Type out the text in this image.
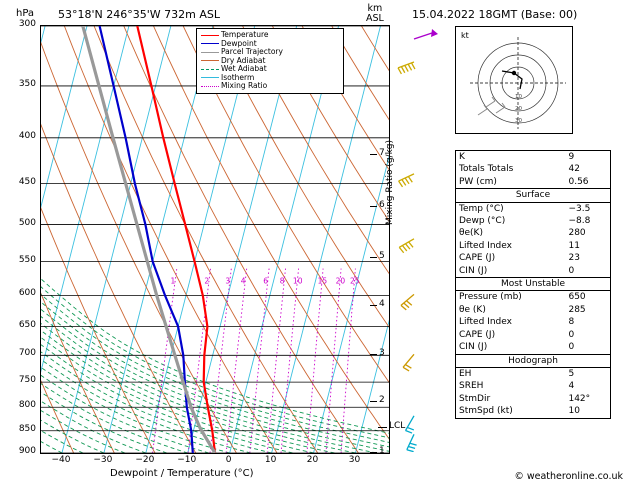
hPa 53°18'N 246°35'W 732m ASL	15.04.2022 18GMT (Base: 00)
km
ASL
1	2 3 4 6 8 10 15 20 25
300
350
400
450
500
550
600
650
700
750
800
850
900
−40	−30	−20	−10	0	10	20	30
1
2
3
4
5
6
7
Dewpoint / Temperature (°C)
Mixing Ratio (g/kg)
	Temperature
	Dewpoint
	Parcel Trajectory
	Dry Adiabat
	Wet Adiabat
	Isotherm
	Mixing Ratio
kt
10
20
30
K	9
Totals Totals	42
PW (cm)	0.56
Surface	
Temp (°C)	−3.5
Dewp (°C)	−8.8
θe(K)	280
Lifted Index	11
CAPE (J)	23
CIN (J)	0
Most Unstable	
Pressure (mb)	650
θe (K)	285
Lifted Index	8
CAPE (J)	0
CIN (J)	0
Hodograph	
EH	5
SREH	4
StmDir	142°
StmSpd (kt)	10
© weatheronline.co.uk
LCL
